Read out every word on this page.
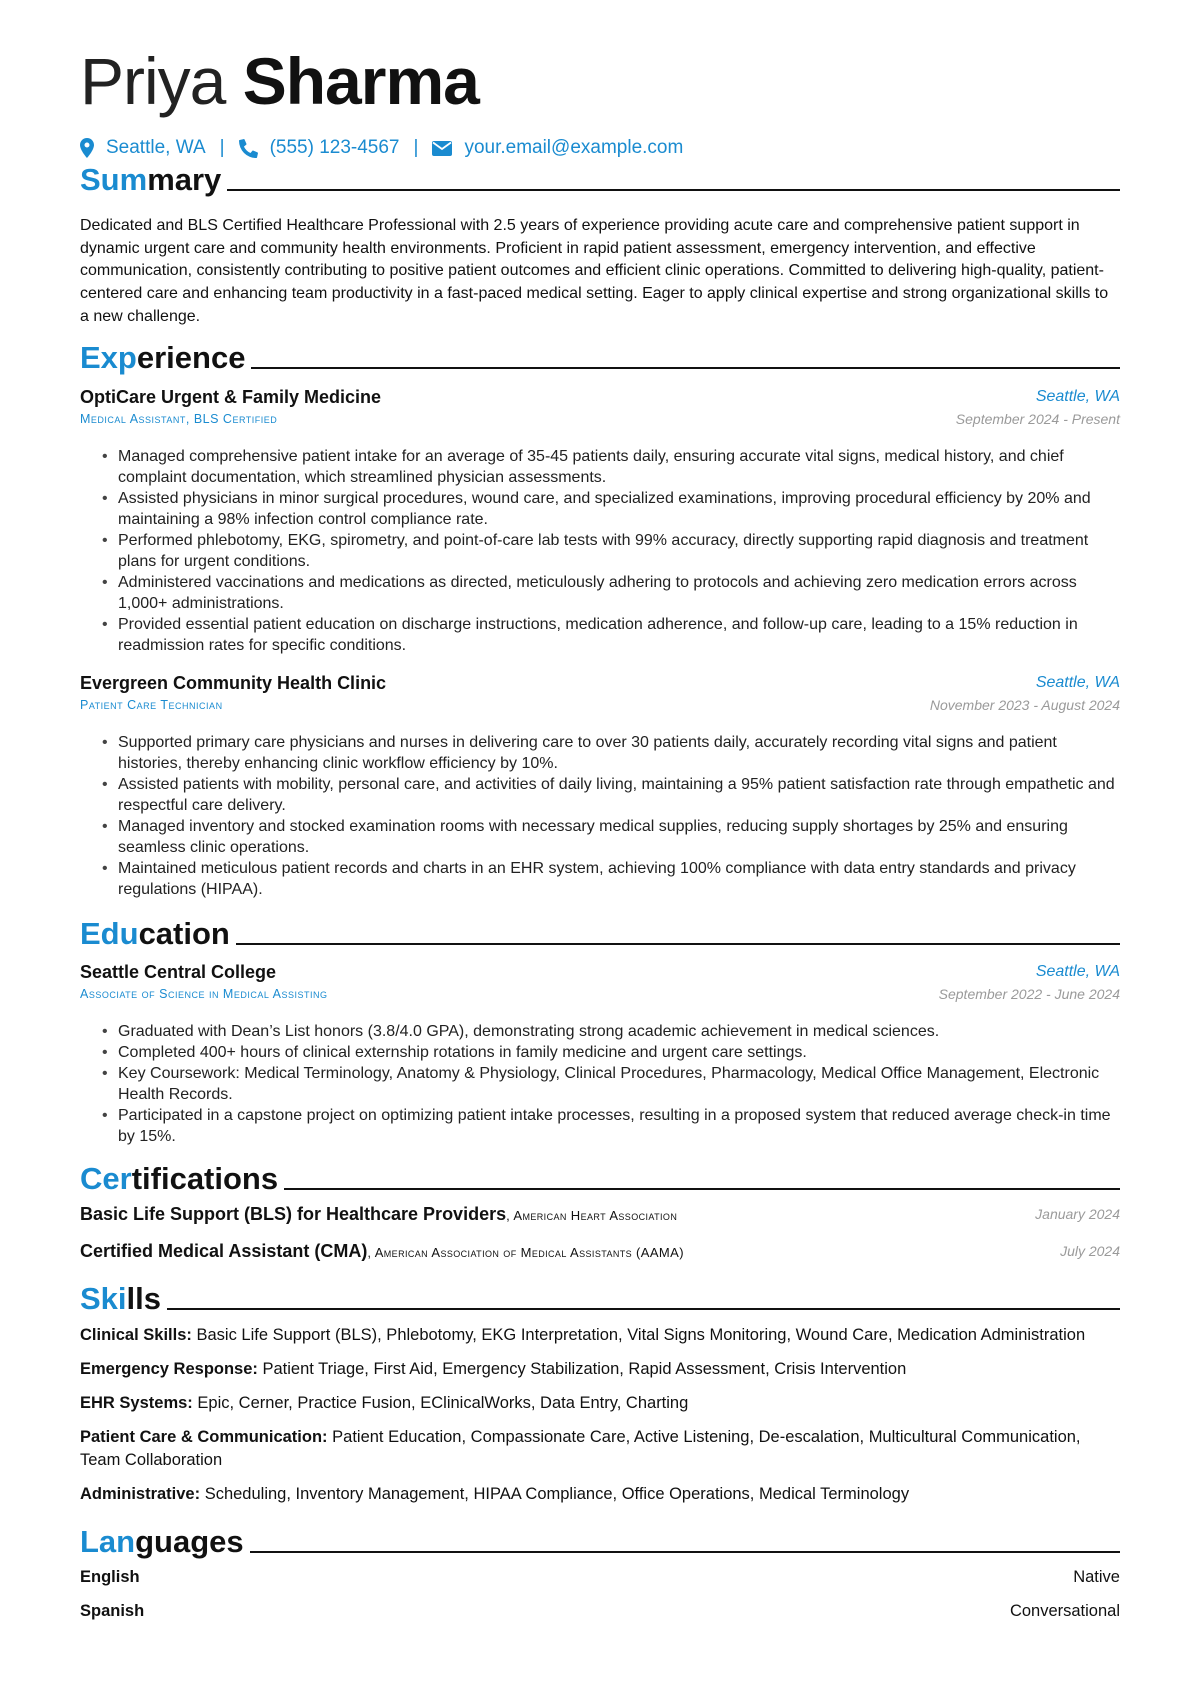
Priya Sharma
Seattle, WA | (555) 123-4567 | your.email@example.com
Summary

Dedicated and BLS Certified Healthcare Professional with 2.5 years of experience providing acute care and comprehensive patient support in dynamic urgent care and community health environments. Proficient in rapid patient assessment, emergency intervention, and effective communication, consistently contributing to positive patient outcomes and efficient clinic operations. Committed to delivering high-quality, patient-centered care and enhancing team productivity in a fast-paced medical setting. Eager to apply clinical expertise and strong organizational skills to a new challenge.

Experience
OptiCare Urgent & Family Medicine	Seattle, WA
Medical Assistant, BLS Certified	September 2024 - Present
• Managed comprehensive patient intake for an average of 35-45 patients daily, ensuring accurate vital signs, medical history, and chief complaint documentation, which streamlined physician assessments.
• Assisted physicians in minor surgical procedures, wound care, and specialized examinations, improving procedural efficiency by 20% and maintaining a 98% infection control compliance rate.
• Performed phlebotomy, EKG, spirometry, and point-of-care lab tests with 99% accuracy, directly supporting rapid diagnosis and treatment plans for urgent conditions.
• Administered vaccinations and medications as directed, meticulously adhering to protocols and achieving zero medication errors across 1,000+ administrations.
• Provided essential patient education on discharge instructions, medication adherence, and follow-up care, leading to a 15% reduction in readmission rates for specific conditions.
Evergreen Community Health Clinic	Seattle, WA
Patient Care Technician	November 2023 - August 2024
• Supported primary care physicians and nurses in delivering care to over 30 patients daily, accurately recording vital signs and patient histories, thereby enhancing clinic workflow efficiency by 10%.
• Assisted patients with mobility, personal care, and activities of daily living, maintaining a 95% patient satisfaction rate through empathetic and respectful care delivery.
• Managed inventory and stocked examination rooms with necessary medical supplies, reducing supply shortages by 25% and ensuring seamless clinic operations.
• Maintained meticulous patient records and charts in an EHR system, achieving 100% compliance with data entry standards and privacy regulations (HIPAA).
Education
Seattle Central College	Seattle, WA
Associate of Science in Medical Assisting	September 2022 - June 2024
• Graduated with Dean’s List honors (3.8/4.0 GPA), demonstrating strong academic achievement in medical sciences.
• Completed 400+ hours of clinical externship rotations in family medicine and urgent care settings.
• Key Coursework: Medical Terminology, Anatomy & Physiology, Clinical Procedures, Pharmacology, Medical Office Management, Electronic Health Records.
• Participated in a capstone project on optimizing patient intake processes, resulting in a proposed system that reduced average check-in time by 15%.
Certifications
Basic Life Support (BLS) for Healthcare Providers, American Heart Association	January 2024
Certified Medical Assistant (CMA), American Association of Medical Assistants (AAMA)	July 2024
Skills

Clinical Skills: Basic Life Support (BLS), Phlebotomy, EKG Interpretation, Vital Signs Monitoring, Wound Care, Medication Administration

Emergency Response: Patient Triage, First Aid, Emergency Stabilization, Rapid Assessment, Crisis Intervention

EHR Systems: Epic, Cerner, Practice Fusion, EClinicalWorks, Data Entry, Charting

Patient Care & Communication: Patient Education, Compassionate Care, Active Listening, De-escalation, Multicultural Communication, Team Collaboration

Administrative: Scheduling, Inventory Management, HIPAA Compliance, Office Operations, Medical Terminology

Languages
English	Native
Spanish	Conversational
